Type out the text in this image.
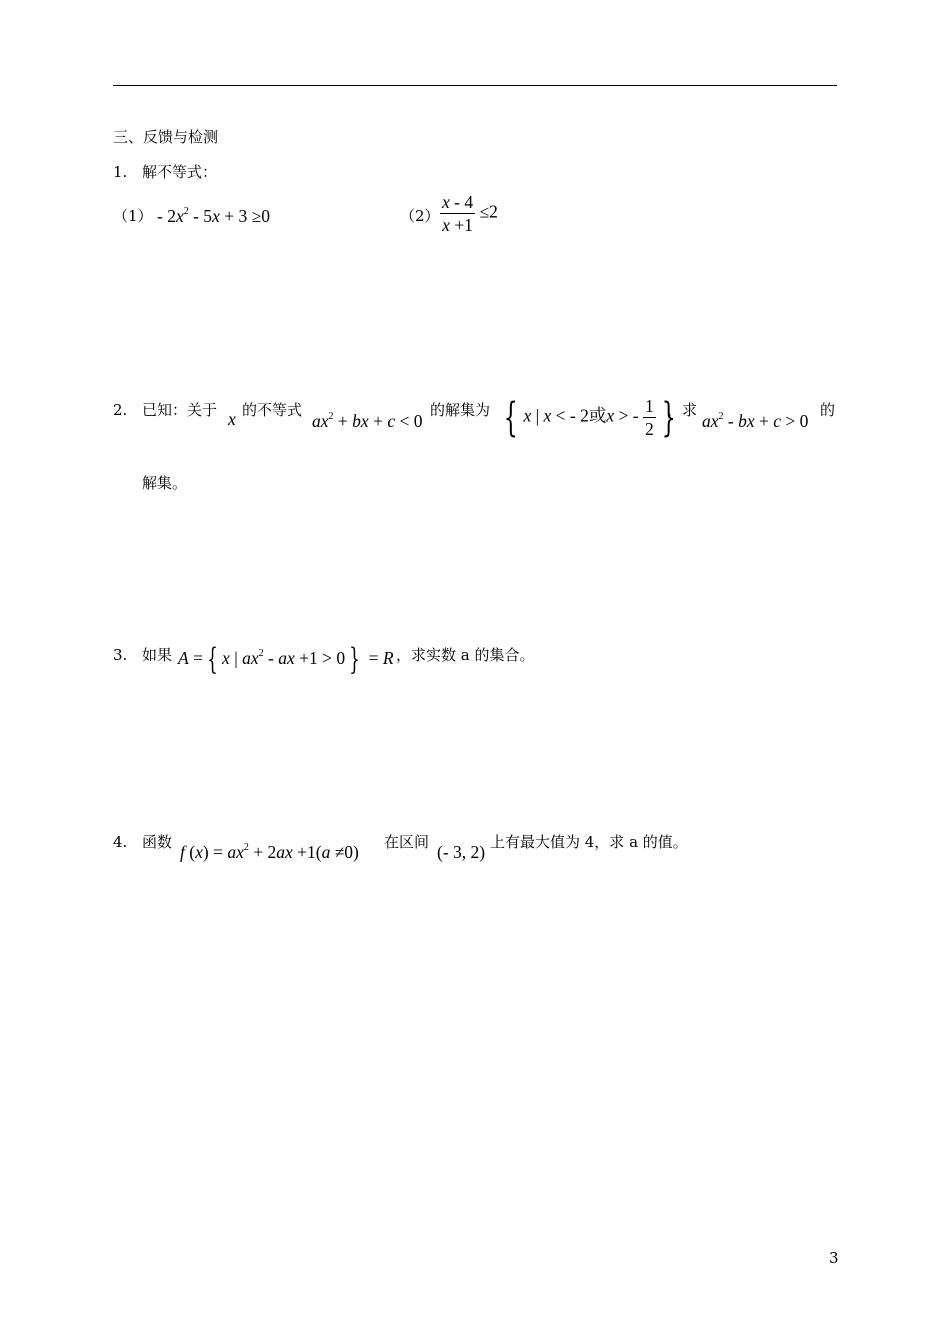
三、反馈与检测
1. 解不等式：
$(1) - 2x^2 - 5x + 3 \ge 0$	$(2) \frac{x - 4}{x +1} \le 2$
2. 已知：关于 x 的不等式
$ax^2$ + bx + c < 0
的解集为 { x | x < - 2或x > - $\frac{1}{2}$ }
，求
$ax^2$ - bx + c > 0
的
解集。
3. 如果 A = { x | $ax^2$ - ax +1 > 0 } = R ，求实数 a 的集合。
4. 函数 f $(x) = ax^2 + 2ax +1(a \ne 0)$ 在区间 (- 3, 2) 上有最大值为 4，求 a 的值。
3
